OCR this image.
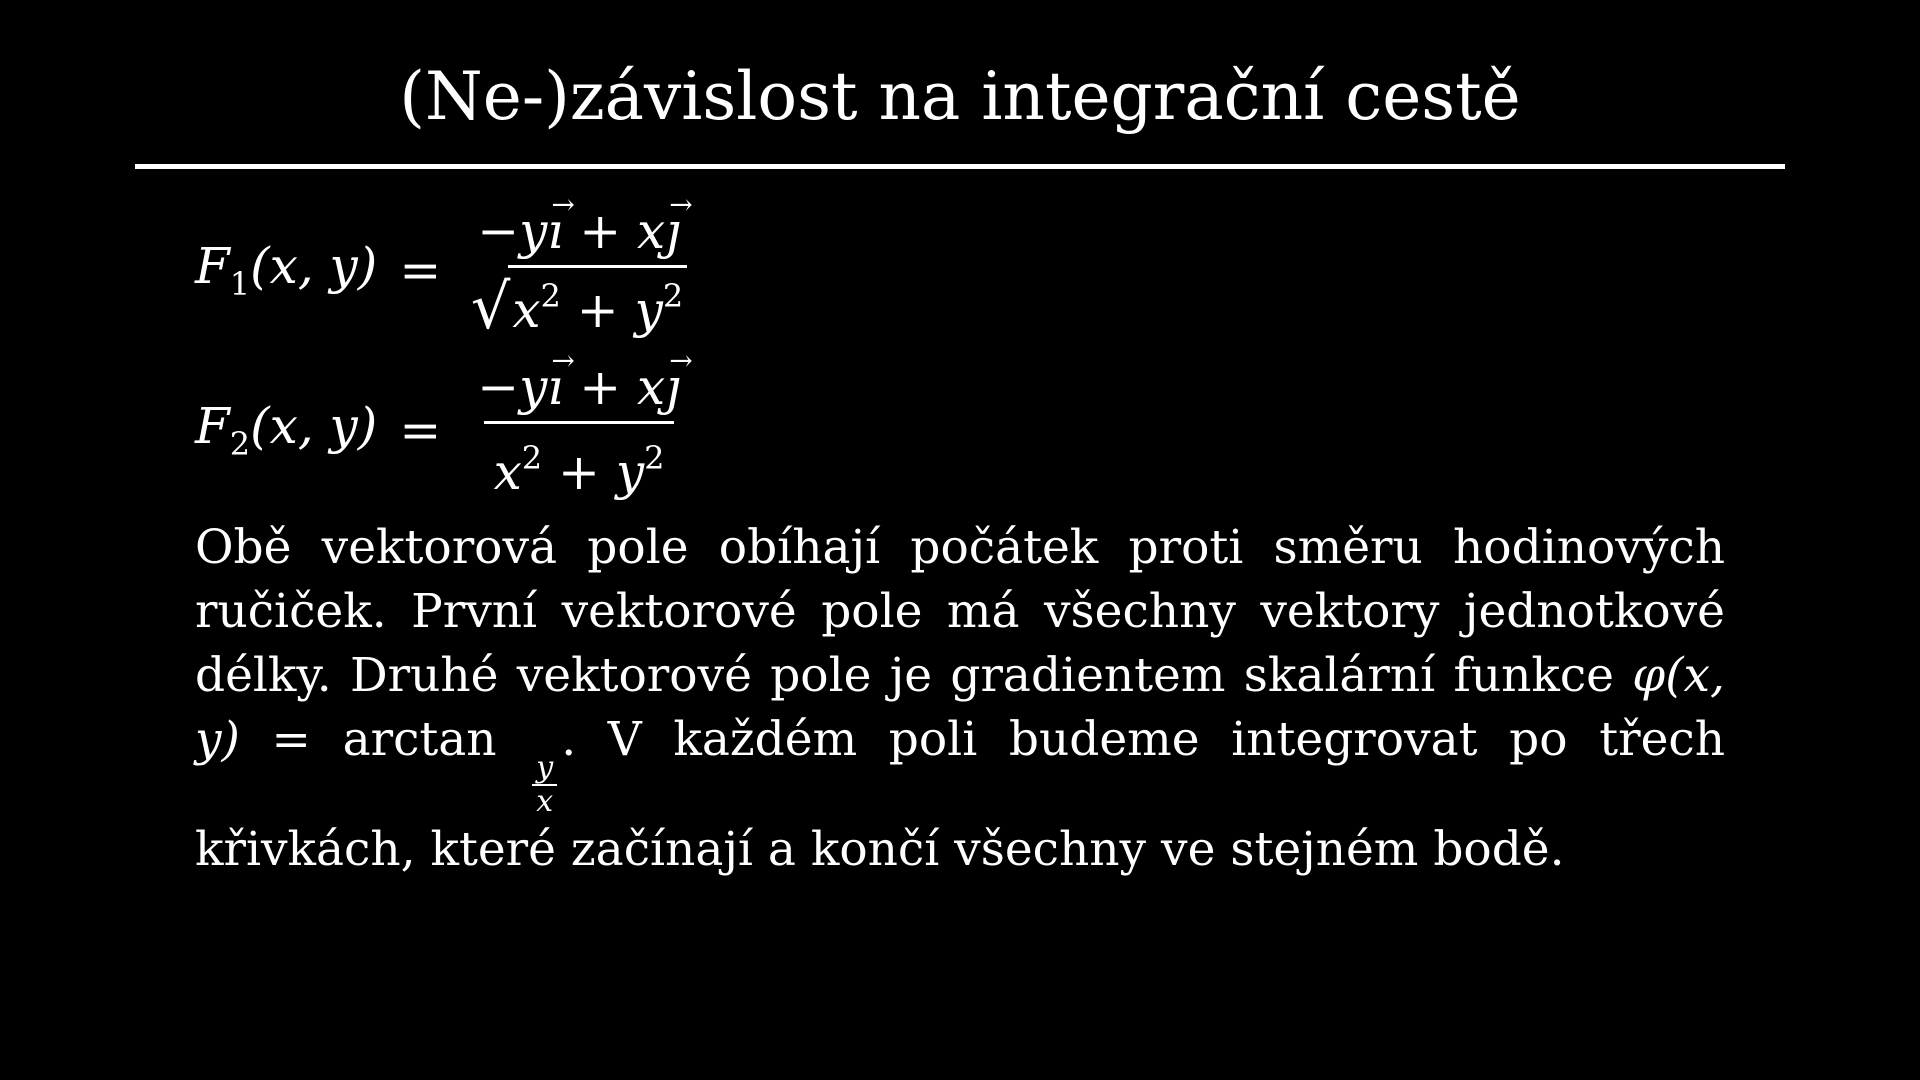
(Ne-)závislost na integrační cestě
$F_1(x$, y) =
−yı → + xȷ →
√ $x^2 + y^2$
$F_2(x$, $y) = \frac{-yı \to + xȷ \to}{x^2 + y^2}$
Obě vektorová pole obíhají počátek proti směru hodinových ručiček. První vektorové pole má všechny vektory jednotkové délky. Druhé vektorové pole je gradientem skalární funkce φ(x, y) = arctan
$\frac{y}{x}$
. V každém poli budeme integrovat po třech křivkách, které začínají a končí všechny ve stejném bodě.
